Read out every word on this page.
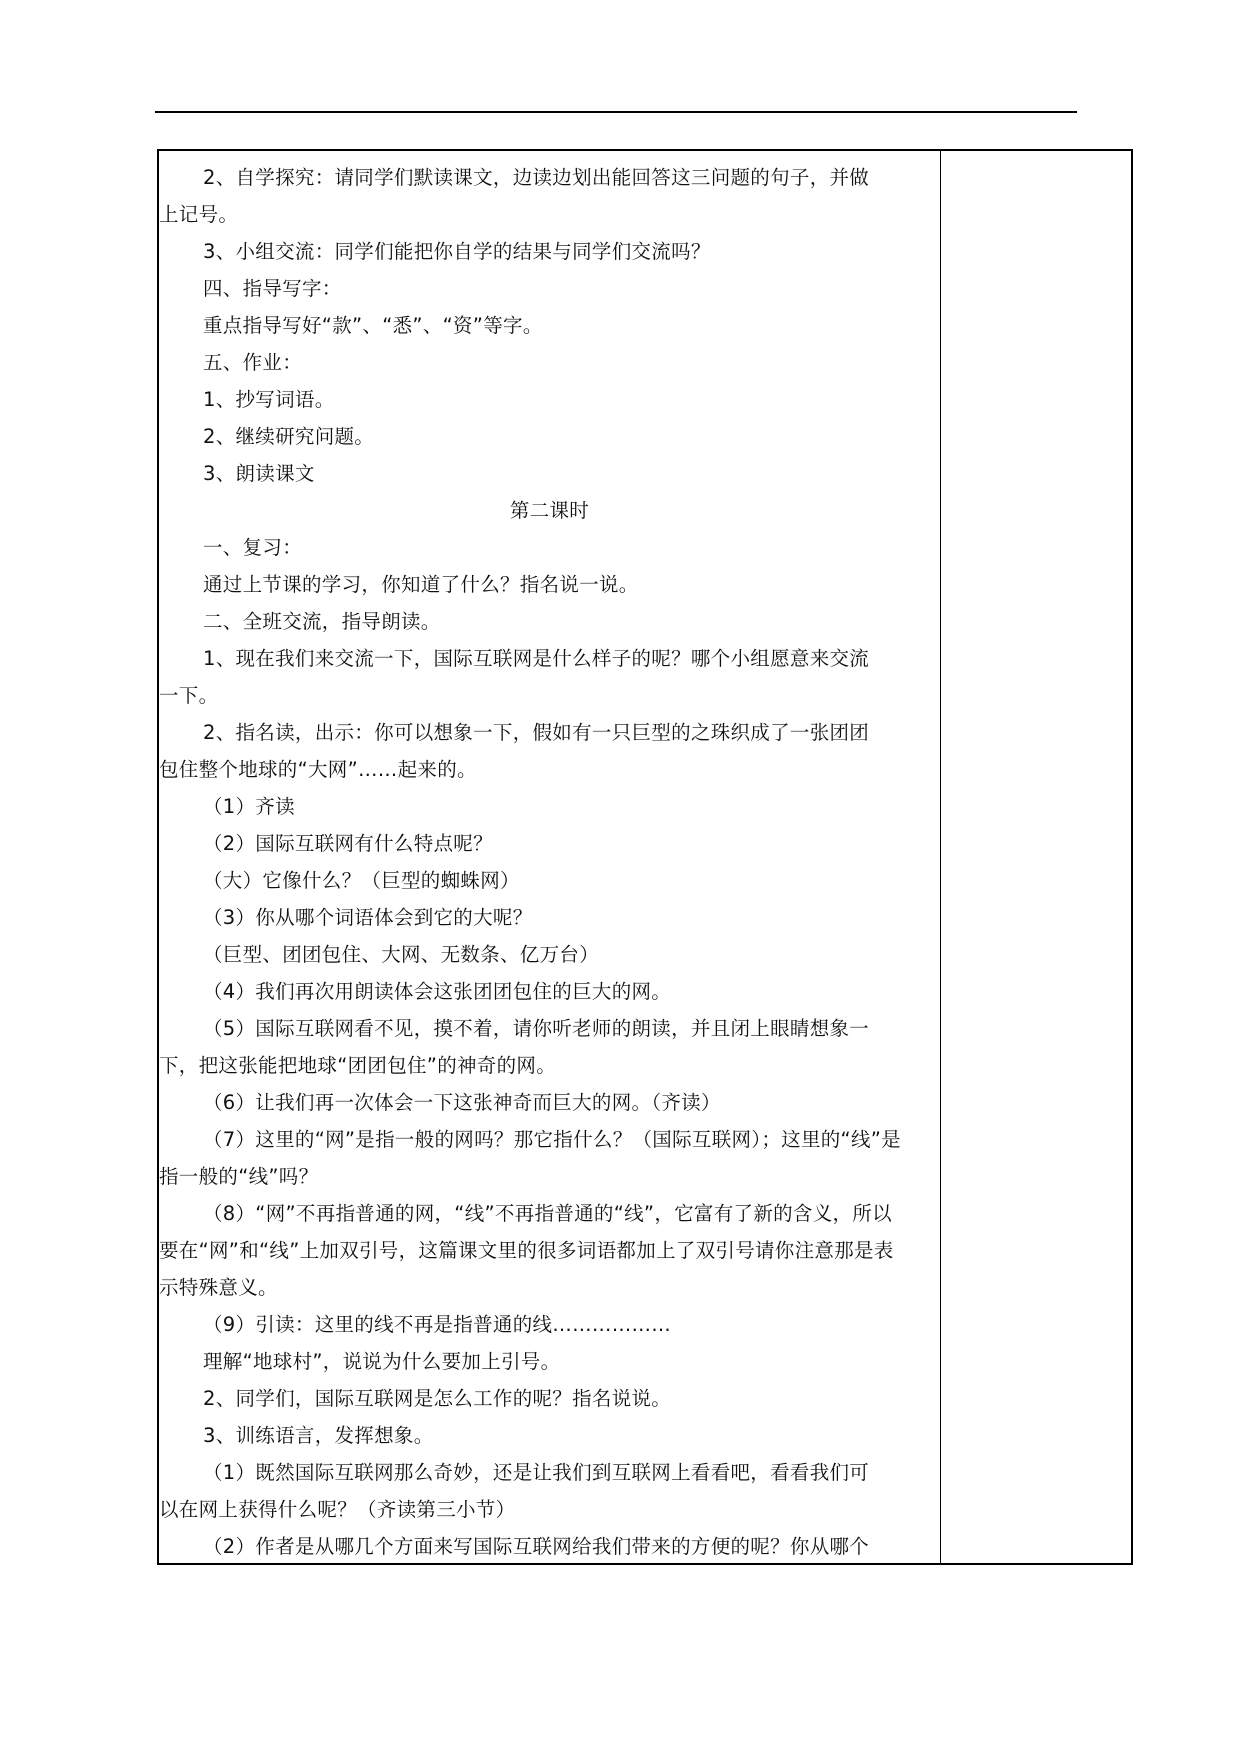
2、自学探究：请同学们默读课文，边读边划出能回答这三问题的句子，并做
上记号。
3、小组交流：同学们能把你自学的结果与同学们交流吗？
四、指导写字：
重点指导写好“款”、“悉”、“资”等字。
五、作业：
1、抄写词语。
2、继续研究问题。
3、朗读课文
第二课时
一、复习：
通过上节课的学习，你知道了什么？指名说一说。
二、全班交流，指导朗读。
1、现在我们来交流一下，国际互联网是什么样子的呢？哪个小组愿意来交流
一下。
2、指名读，出示：你可以想象一下，假如有一只巨型的之珠织成了一张团团
包住整个地球的“大网”……起来的。
（1）齐读
（2）国际互联网有什么特点呢？
（大）它像什么？（巨型的蜘蛛网）
（3）你从哪个词语体会到它的大呢？
（巨型、团团包住、大网、无数条、亿万台）
（4）我们再次用朗读体会这张团团包住的巨大的网。
（5）国际互联网看不见，摸不着，请你听老师的朗读，并且闭上眼睛想象一
下，把这张能把地球“团团包住”的神奇的网。
（6）让我们再一次体会一下这张神奇而巨大的网。（齐读）
（7）这里的“网”是指一般的网吗？那它指什么？（国际互联网）；这里的“线”是
指一般的“线”吗？
（8）“网”不再指普通的网，“线”不再指普通的“线”，它富有了新的含义，所以
要在“网”和“线”上加双引号，这篇课文里的很多词语都加上了双引号请你注意那是表
示特殊意义。
（9）引读：这里的线不再是指普通的线………………
理解“地球村”，说说为什么要加上引号。
2、同学们，国际互联网是怎么工作的呢？指名说说。
3、训练语言，发挥想象。
（1）既然国际互联网那么奇妙，还是让我们到互联网上看看吧，看看我们可
以在网上获得什么呢？（齐读第三小节）
（2）作者是从哪几个方面来写国际互联网给我们带来的方便的呢？你从哪个
